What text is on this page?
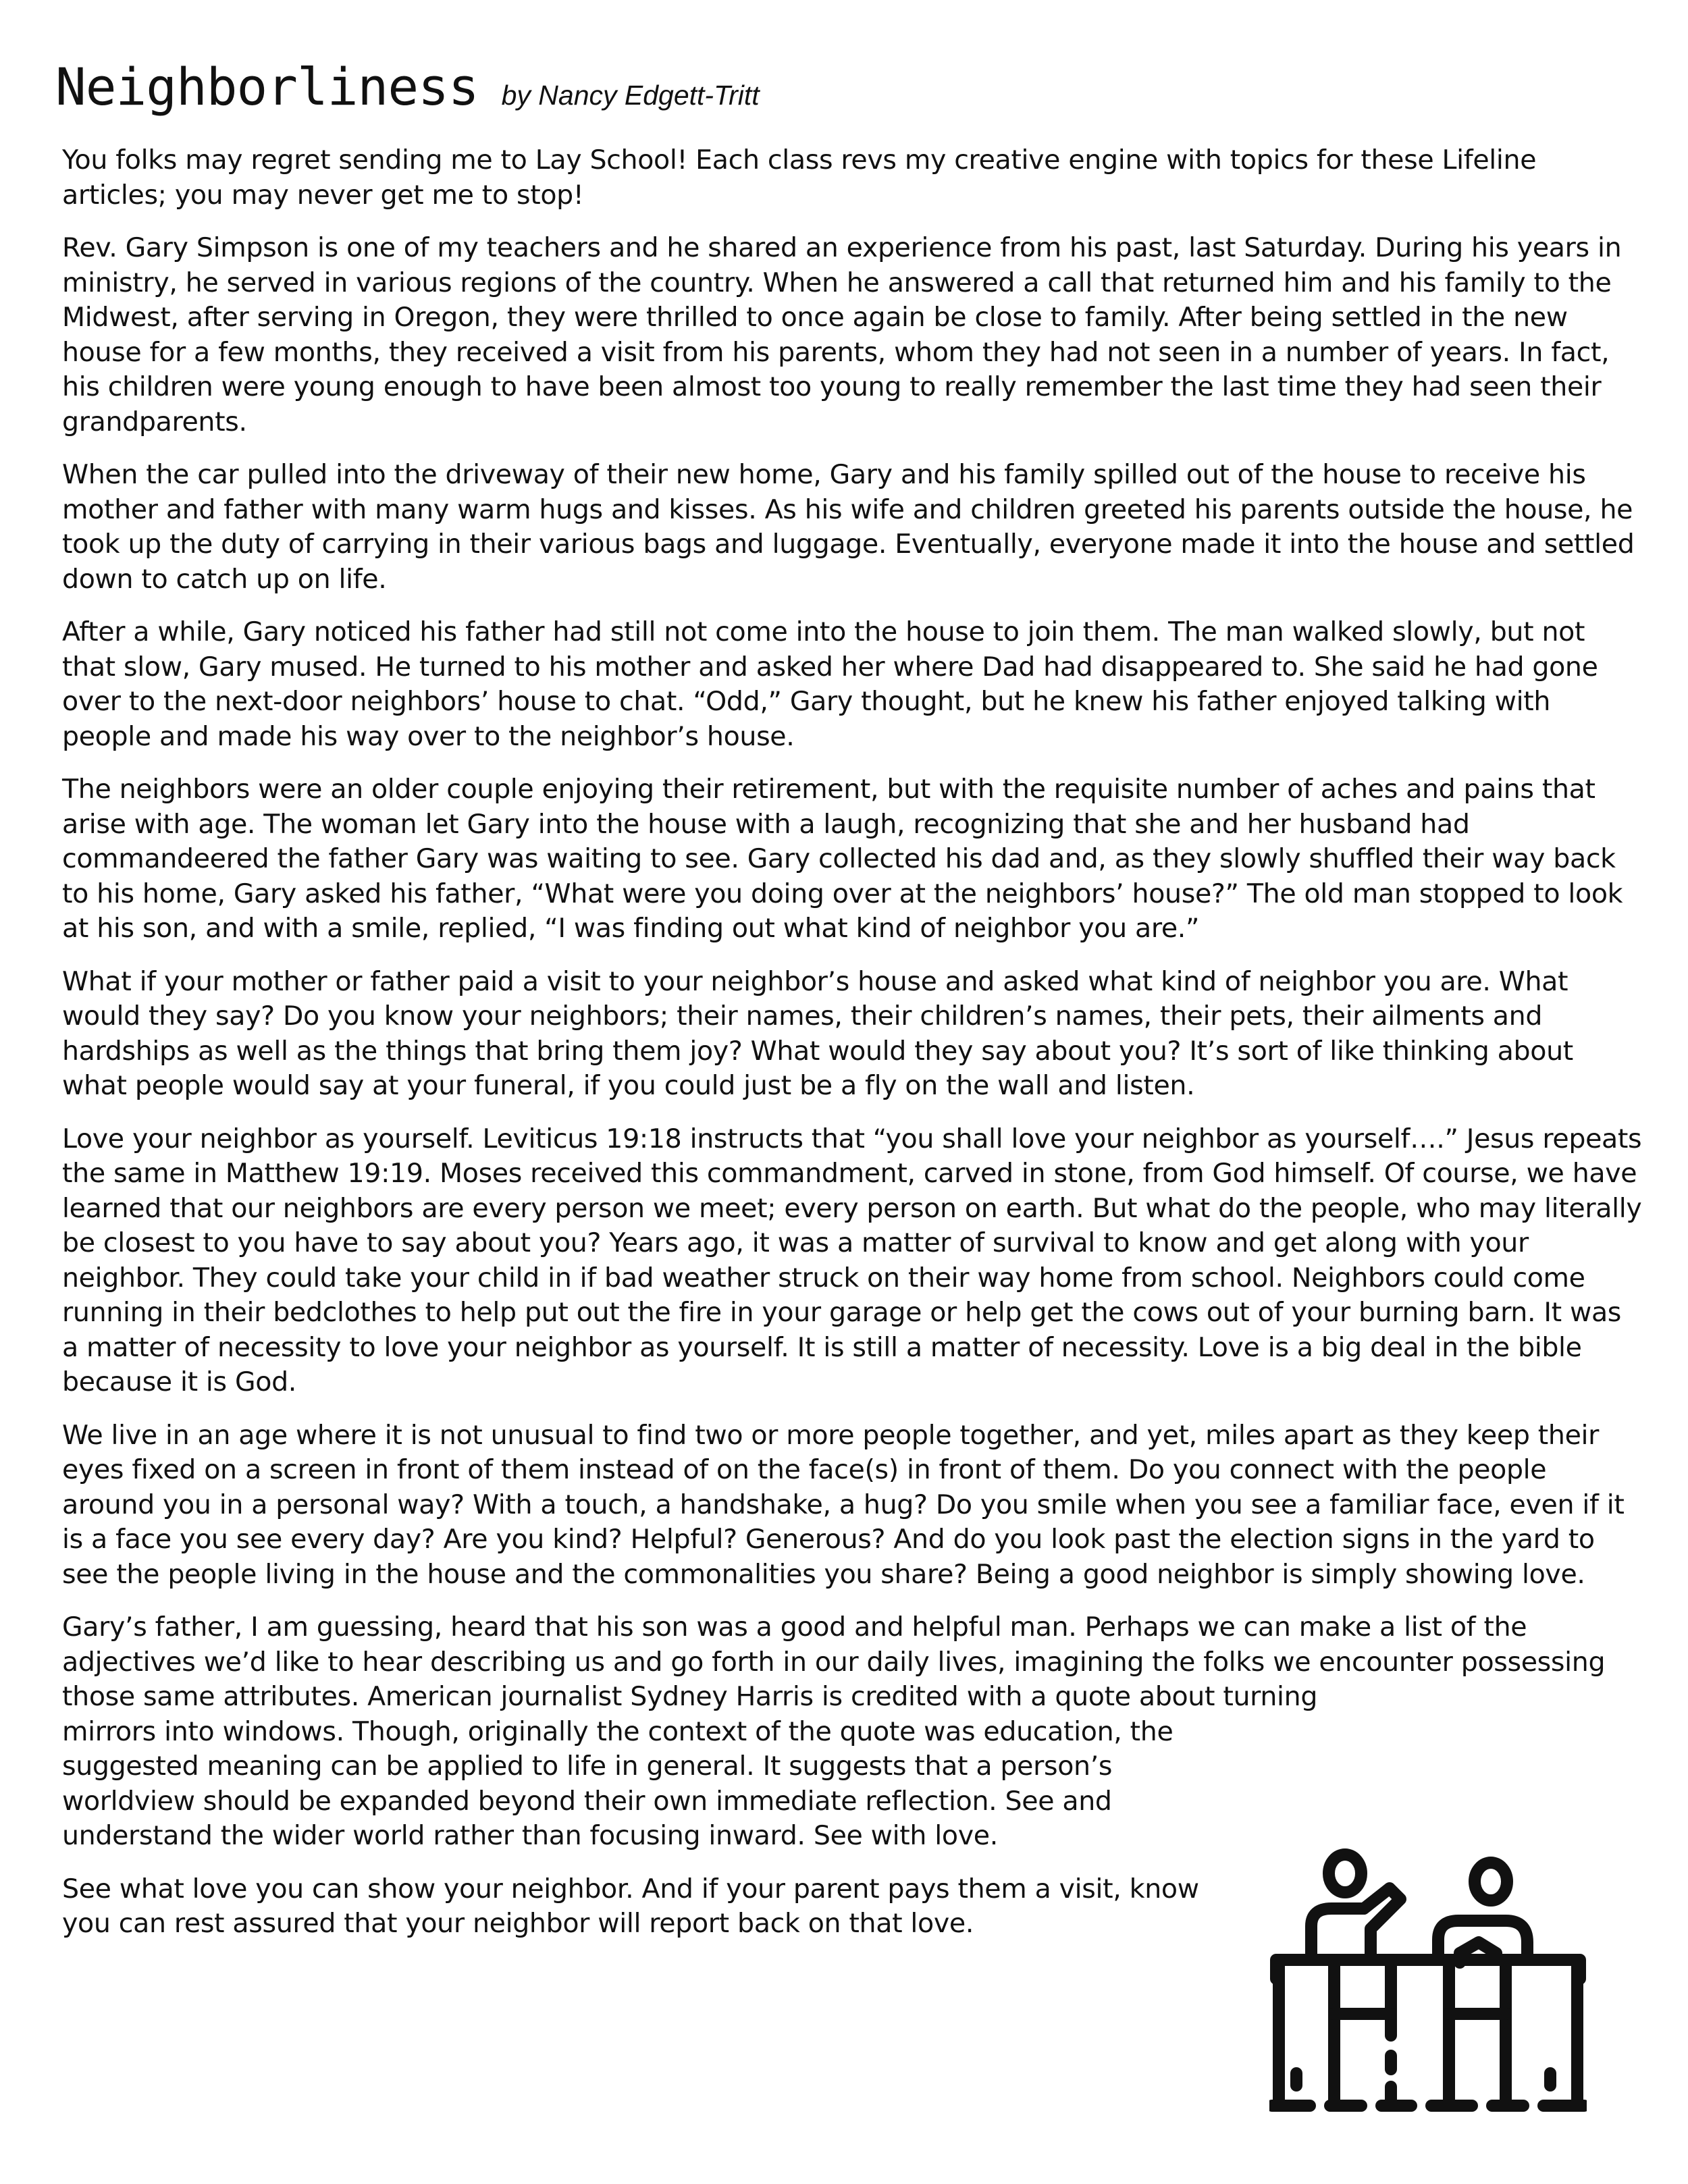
Neighborliness by Nancy Edgett-Tritt

You folks may regret sending me to Lay School! Each class revs my creative engine with topics for these Lifeline articles; you may never get me to stop!

Rev. Gary Simpson is one of my teachers and he shared an experience from his past, last Saturday. During his years in ministry, he served in various regions of the country. When he answered a call that returned him and his family to the Midwest, after serving in Oregon, they were thrilled to once again be close to family. After being settled in the new house for a few months, they received a visit from his parents, whom they had not seen in a number of years. In fact, his children were young enough to have been almost too young to really remember the last time they had seen their grandparents.

When the car pulled into the driveway of their new home, Gary and his family spilled out of the house to receive his mother and father with many warm hugs and kisses. As his wife and children greeted his parents outside the house, he took up the duty of carrying in their various bags and luggage. Eventually, everyone made it into the house and settled down to catch up on life.

After a while, Gary noticed his father had still not come into the house to join them. The man walked slowly, but not that slow, Gary mused. He turned to his mother and asked her where Dad had disappeared to. She said he had gone over to the next-door neighbors’ house to chat. “Odd,” Gary thought, but he knew his father enjoyed talking with people and made his way over to the neighbor’s house.

The neighbors were an older couple enjoying their retirement, but with the requisite number of aches and pains that arise with age. The woman let Gary into the house with a laugh, recognizing that she and her husband had commandeered the father Gary was waiting to see. Gary collected his dad and, as they slowly shuffled their way back to his home, Gary asked his father, “What were you doing over at the neighbors’ house?” The old man stopped to look at his son, and with a smile, replied, “I was finding out what kind of neighbor you are.”

What if your mother or father paid a visit to your neighbor’s house and asked what kind of neighbor you are. What would they say? Do you know your neighbors; their names, their children’s names, their pets, their ailments and hardships as well as the things that bring them joy? What would they say about you? It’s sort of like thinking about what people would say at your funeral, if you could just be a fly on the wall and listen.

Love your neighbor as yourself. Leviticus 19:18 instructs that “you shall love your neighbor as yourself….” Jesus repeats the same in Matthew 19:19. Moses received this commandment, carved in stone, from God himself. Of course, we have learned that our neighbors are every person we meet; every person on earth. But what do the people, who may literally be closest to you have to say about you? Years ago, it was a matter of survival to know and get along with your neighbor. They could take your child in if bad weather struck on their way home from school. Neighbors could come running in their bedclothes to help put out the fire in your garage or help get the cows out of your burning barn. It was a matter of necessity to love your neighbor as yourself. It is still a matter of necessity. Love is a big deal in the bible because it is God.

We live in an age where it is not unusual to find two or more people together, and yet, miles apart as they keep their eyes fixed on a screen in front of them instead of on the face(s) in front of them. Do you connect with the people around you in a personal way? With a touch, a handshake, a hug? Do you smile when you see a familiar face, even if it is a face you see every day? Are you kind? Helpful? Generous? And do you look past the election signs in the yard to see the people living in the house and the commonalities you share? Being a good neighbor is simply showing love.

Gary’s father, I am guessing, heard that his son was a good and helpful man. Perhaps we can make a list of the adjectives we’d like to hear describing us and go forth in our daily lives, imagining the folks we encounter possessing those same attributes. American journalist Sydney Harris is credited with a quote about turning
mirrors into windows. Though, originally the context of the quote was education, the suggested meaning can be applied to life in general. It suggests that a person’s worldview should be expanded beyond their own immediate reflection. See and understand the wider world rather than focusing inward. See with love.

See what love you can show your neighbor. And if your parent pays them a visit, know you can rest assured that your neighbor will report back on that love.
